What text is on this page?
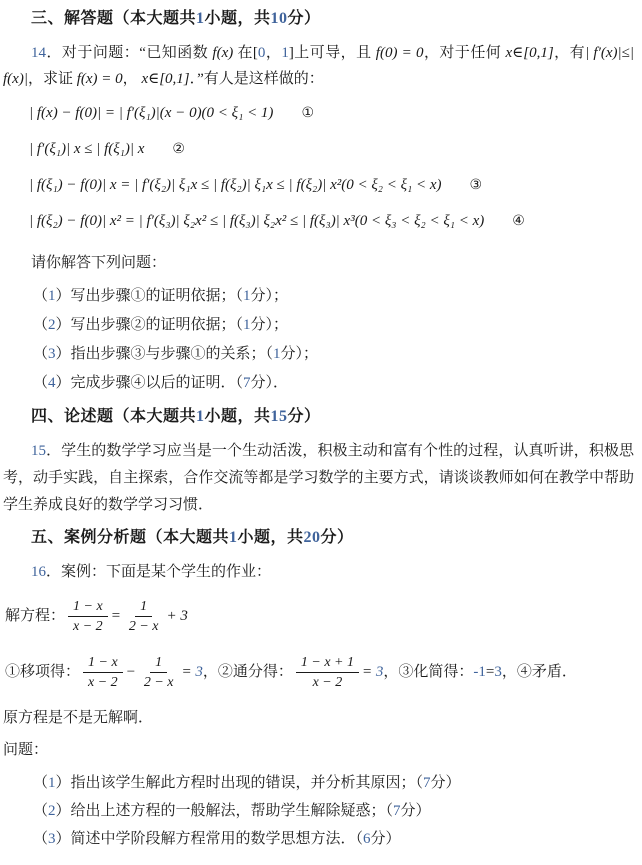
三、解答题（本大题共1小题，共10分）

14．对于问题：“已知函数 f(x) 在[0，1]上可导，且 f(0) = 0，对于任何 x∈[0,1]，有| f′(x)|≤| f(x)|，求证 f(x) = 0， x∈[0,1]．”有人是这样做的：

| f(x) − f(0)| = | f′(ξ₁)|(x − 0)(0 < ξ₁ < 1) ①
| f′(ξ₁)| x ≤ | f(ξ₁)| x ②
| f(ξ₁) − f(0)| x = | f′(ξ₂)| ξ₁x ≤ | f(ξ₂)| ξ₁x ≤ | f(ξ₂)| x²(0 < ξ₂ < ξ₁ < x) ③
| f(ξ₂) − f(0)| x² = | f′(ξ₃)| ξ₂x² ≤ | f(ξ₃)| ξ₂x² ≤ | f(ξ₃)| x³(0 < ξ₃ < ξ₂ < ξ₁ < x) ④

请你解答下列问题：

（1）写出步骤①的证明依据；（1分）；

（2）写出步骤②的证明依据；（1分）；

（3）指出步骤③与步骤①的关系；（1分）；

（4）完成步骤④以后的证明．（7分）．

四、论述题（本大题共1小题，共15分）

15．学生的数学学习应当是一个生动活泼，积极主动和富有个性的过程，认真听讲，积极思考，动手实践，自主探索，合作交流等都是学习数学的主要方式，请谈谈教师如何在教学中帮助学生养成良好的数学学习习惯．

五、案例分析题（本大题共1小题，共20分）

16．案例：下面是某个学生的作业：

解方程： $\frac{1 - x}{x - 2} = \frac{1}{2 - x} + 3$
①移项得： $\frac{1 - x}{x - 2} - \frac{1}{2 - x} = 3$，②通分得： $\frac{1 - x + 1}{x - 2} = 3$，③化简得：-1=3，④矛盾．

原方程是不是无解啊．

问题：

（1）指出该学生解此方程时出现的错误，并分析其原因；（7分）

（2）给出上述方程的一般解法，帮助学生解除疑惑；（7分）

（3）简述中学阶段解方程常用的数学思想方法．（6分）
